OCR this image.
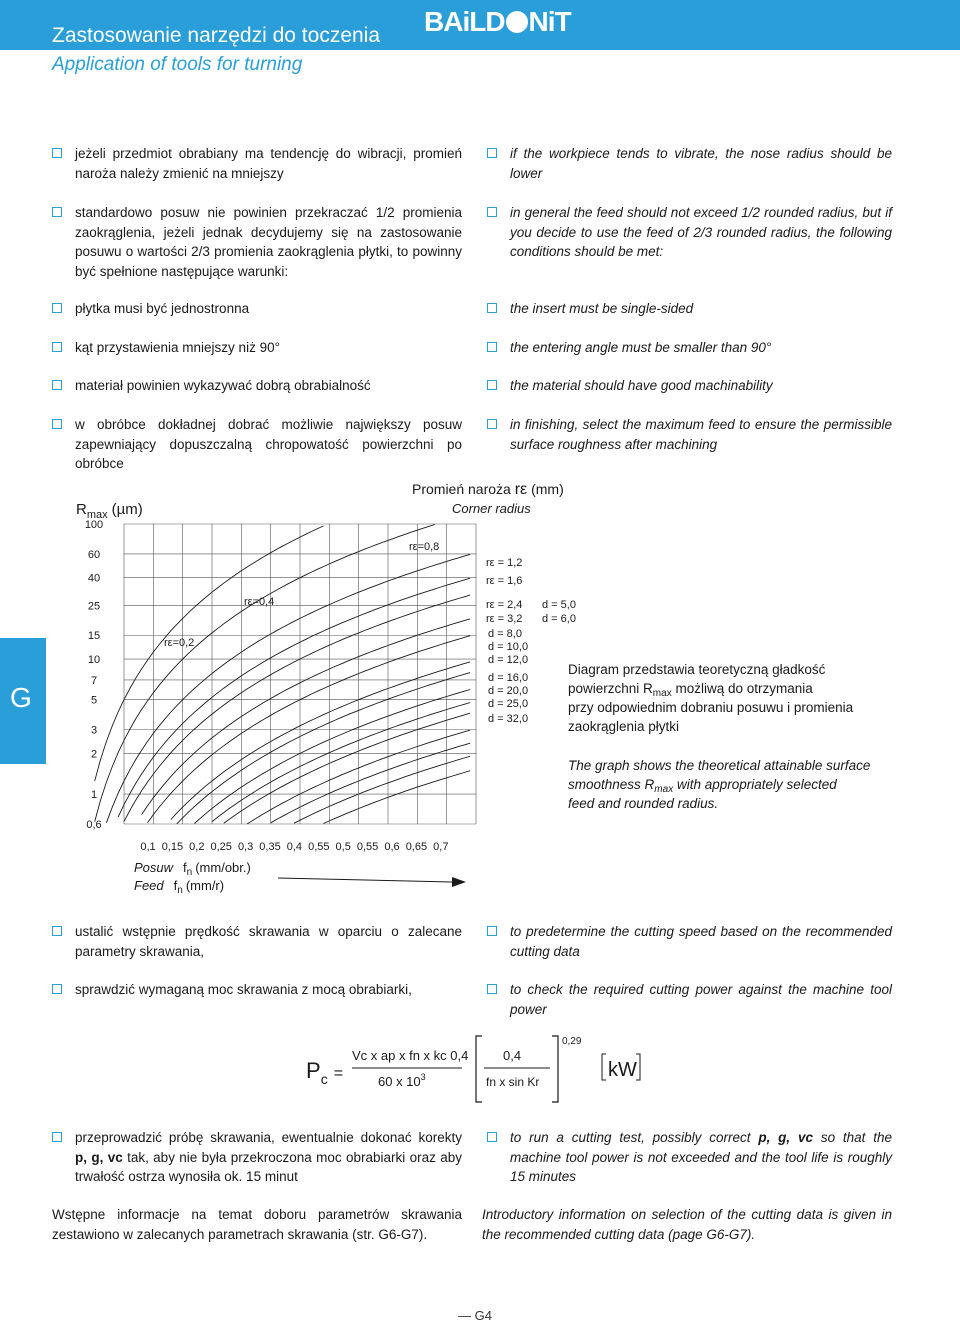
Zastosowanie narzędzi do toczenia
Application of tools for turning
BAiLD NiT
G
jeżeli przedmiot obrabiany ma tendencję do wibracji, promień naroża należy zmienić na mniejszy
standardowo posuw nie powinien przekraczać 1/2 promienia zaokrąglenia, jeżeli jednak decydujemy się na zastosowanie posuwu o wartości 2/3 promienia zaokrąglenia płytki, to powinny być spełnione następujące warunki:
płytka musi być jednostronna
kąt przystawienia mniejszy niż 90°
materiał powinien wykazywać dobrą obrabialność
w obróbce dokładnej dobrać możliwie największy posuw zapewniający dopuszczalną chropowatość powierzchni po obróbce
if the workpiece tends to vibrate, the nose radius should be lower
in general the feed should not exceed 1/2 rounded radius, but if you decide to use the feed of 2/3 rounded radius, the following conditions should be met:
the insert must be single-sided
the entering angle must be smaller than 90°
the material should have good machinability
in finishing, select the maximum feed to ensure the permissible surface roughness after machining
100
60
40
25
15
10
7
5
3
2
1
0,6
0,1 0,15 0,2 0,25 0,3 0,35 0,4 0,55 0,5 0,55 0,6 0,65 0,7
$R_{max}$ (µm)
Promień naroża rε (mm)
Corner radius
rε=0,2
rε=0,4
rε=0,8
rε = 1,2
rε = 1,6
rε = 2,4
rε = 3,2
d = 5,0
d = 6,0
d = 8,0
d = 10,0
d = 12,0
d = 16,0
d = 20,0
d = 25,0
d = 32,0
Posuw $f_n$ (mm/obr.)
Feed $f_n$ (mm/r)
Diagram przedstawia teoretyczną gładkość
powierzchni $R_{max}$ możliwą do otrzymania
przy odpowiednim dobraniu posuwu i promienia
zaokrąglenia płytki
The graph shows the theoretical attainable surface
smoothness $R_{max}$ with appropriately selected
feed and rounded radius.
ustalić wstępnie prędkość skrawania w oparciu o zalecane parametry skrawania,
sprawdzić wymaganą moc skrawania z mocą obrabiarki,
to predetermine the cutting speed based on the recommended cutting data
to check the required cutting power against the machine tool power
$P_c$ =
Vc x ap x fn x kc 0,4
60 x $10^3$
0,4
fn x sin Kr
0,29
kW
przeprowadzić próbę skrawania, ewentualnie dokonać korekty p, g, vc tak, aby nie była przekroczona moc obrabiarki oraz aby trwałość ostrza wynosiła ok. 15 minut
to run a cutting test, possibly correct p, g, vc so that the machine tool power is not exceeded and the tool life is roughly 15 minutes
Wstępne informacje na temat doboru parametrów skrawania zestawiono w zalecanych parametrach skrawania (str. G6-G7).
Introductory information on selection of the cutting data is given in the recommended cutting data (page G6-G7).
— G4
